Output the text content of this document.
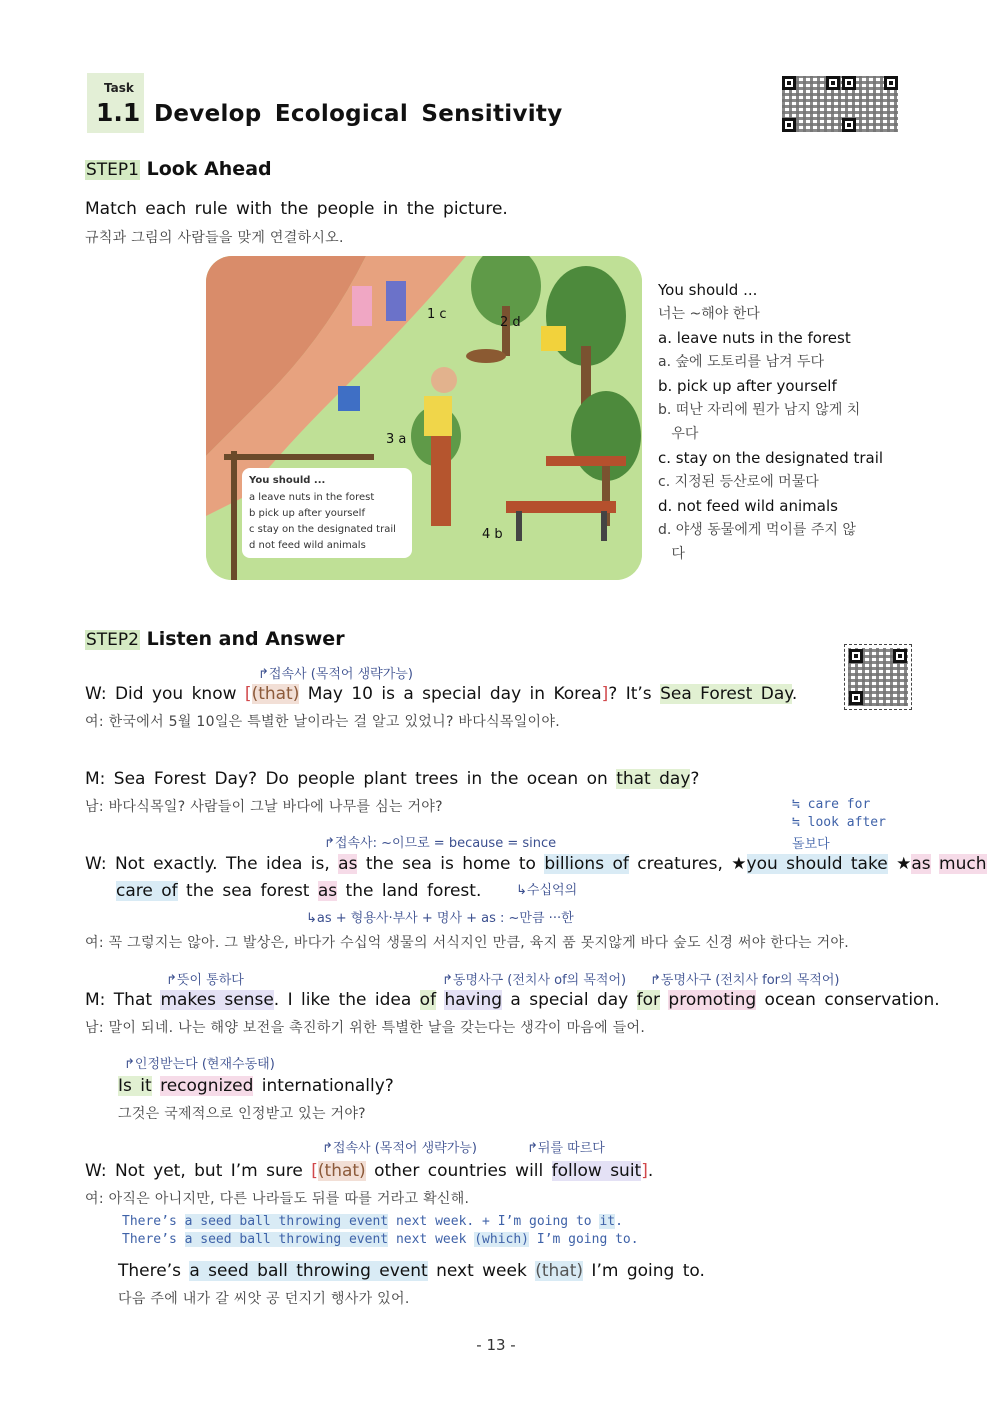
Task
1.1 Develop Ecological Sensitivity
STEP1 Look Ahead
Match each rule with the people in the picture.
규칙과 그림의 사람들을 맞게 연결하시오.
1 c
2 d
3 a
4 b
You should ...
a leave nuts in the forest
b pick up after yourself
c stay on the designated trail
d not feed wild animals
You should ...
너는 ~해야 한다
a. leave nuts in the forest
a. 숲에 도토리를 남겨 두다
b. pick up after yourself
b. 떠난 자리에 뭔가 남지 않게 치
우다
c. stay on the designated trail
c. 지정된 등산로에 머물다
d. not feed wild animals
d. 야생 동물에게 먹이를 주지 않
다
STEP2 Listen and Answer
↱접속사 (목적어 생략가능)
W: Did you know [(that) May 10 is a special day in Korea]? It’s Sea Forest Day.
여: 한국에서 5월 10일은 특별한 날이라는 걸 알고 있었니? 바다식목일이야.
M: Sea Forest Day? Do people plant trees in the ocean on that day?
남: 바다식목일? 사람들이 그날 바다에 나무를 심는 거야?	≒ care for
≒ look after
돌보다
↱접속사: ~이므로 = because = since
W: Not exactly. The idea is, as the sea is home to billions of creatures, ★you should take ★as much
care of the sea forest as the land forest.	↳수십억의
↳as + 형용사·부사 + 명사 + as : ~만큼 ···한
여: 꼭 그렇지는 않아. 그 발상은, 바다가 수십억 생물의 서식지인 만큼, 육지 품 못지않게 바다 숲도 신경 써야 한다는 거야.
↱뜻이 통하다	↱동명사구 (전치사 of의 목적어) ↱동명사구 (전치사 for의 목적어)
M: That makes sense. I like the idea of having a special day for promoting ocean conservation.
남: 말이 되네. 나는 해양 보전을 촉진하기 위한 특별한 날을 갖는다는 생각이 마음에 들어.
↱인정받는다 (현재수동태)
Is it recognized internationally?
그것은 국제적으로 인정받고 있는 거야?
↱접속사 (목적어 생략가능)	↱뒤를 따르다
W: Not yet, but I’m sure [(that) other countries will follow suit].
여: 아직은 아니지만, 다른 나라들도 뒤를 따를 거라고 확신해.
There’s a seed ball throwing event next week. + I’m going to it.
There’s a seed ball throwing event next week (which) I’m going to.
There’s a seed ball throwing event next week (that) I’m going to.
다음 주에 내가 갈 씨앗 공 던지기 행사가 있어.
- 13 -
